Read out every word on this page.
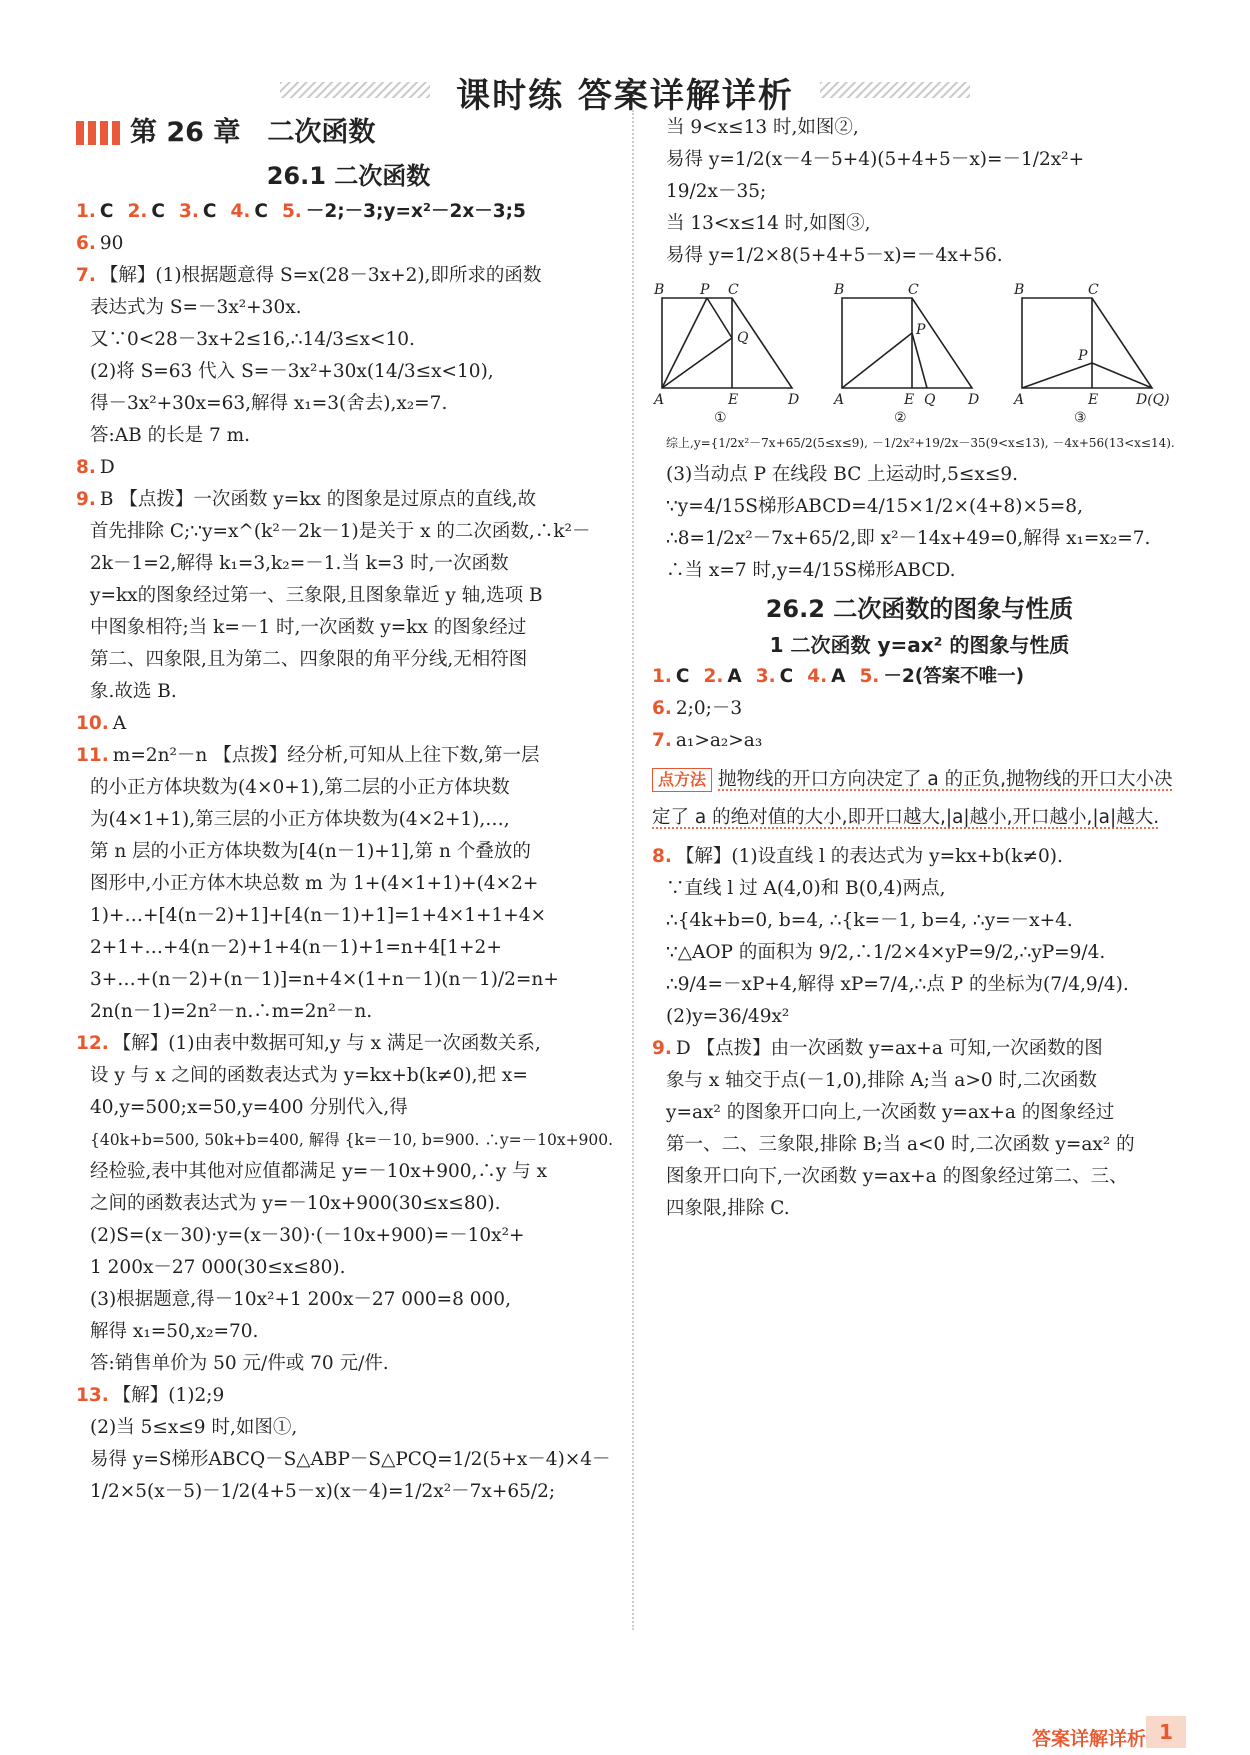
课时练 答案详解详析
第 26 章　二次函数
26.1 二次函数
1. C 2. C 3. C 4. C 5. －2;－3;y=x²－2x－3;5
6. 90
7. 【解】(1)根据题意得 S=x(28－3x+2),即所求的函数
表达式为 S=－3x²+30x.
又∵0<28－3x+2≤16,∴14/3≤x<10.
(2)将 S=63 代入 S=－3x²+30x(14/3≤x<10),
得－3x²+30x=63,解得 x₁=3(舍去),x₂=7.
答:AB 的长是 7 m.
8. D
9. B 【点拨】一次函数 y=kx 的图象是过原点的直线,故
首先排除 C;∵y=x^(k²－2k－1)是关于 x 的二次函数,∴k²－
2k－1=2,解得 k₁=3,k₂=－1.当 k=3 时,一次函数
y=kx的图象经过第一、三象限,且图象靠近 y 轴,选项 B
中图象相符;当 k=－1 时,一次函数 y=kx 的图象经过
第二、四象限,且为第二、四象限的角平分线,无相符图
象.故选 B.
10. A
11. m=2n²－n 【点拨】经分析,可知从上往下数,第一层
的小正方体块数为(4×0+1),第二层的小正方体块数
为(4×1+1),第三层的小正方体块数为(4×2+1),…,
第 n 层的小正方体块数为[4(n－1)+1],第 n 个叠放的
图形中,小正方体木块总数 m 为 1+(4×1+1)+(4×2+
1)+…+[4(n－2)+1]+[4(n－1)+1]=1+4×1+1+4×
2+1+…+4(n－2)+1+4(n－1)+1=n+4[1+2+
3+…+(n－2)+(n－1)]=n+4×(1+n－1)(n－1)/2=n+
2n(n－1)=2n²－n.∴m=2n²－n.
12. 【解】(1)由表中数据可知,y 与 x 满足一次函数关系,
设 y 与 x 之间的函数表达式为 y=kx+b(k≠0),把 x=
40,y=500;x=50,y=400 分别代入,得
{40k+b=500, 50k+b=400, 解得 {k=－10, b=900. ∴y=－10x+900.
经检验,表中其他对应值都满足 y=－10x+900,∴y 与 x
之间的函数表达式为 y=－10x+900(30≤x≤80).
(2)S=(x－30)·y=(x－30)·(－10x+900)=－10x²+
1 200x－27 000(30≤x≤80).
(3)根据题意,得－10x²+1 200x－27 000=8 000,
解得 x₁=50,x₂=70.
答:销售单价为 50 元/件或 70 元/件.
13. 【解】(1)2;9
(2)当 5≤x≤9 时,如图①,
易得 y=S梯形ABCQ－S△ABP－S△PCQ=1/2(5+x－4)×4－
1/2×5(x－5)－1/2(4+5－x)(x－4)=1/2x²－7x+65/2;
当 9<x≤13 时,如图②,
易得 y=1/2(x－4－5+4)(5+4+5－x)=－1/2x²+
19/2x－35;
当 13<x≤14 时,如图③,
易得 y=1/2×8(5+4+5－x)=－4x+56.
B	P C
Q
A	E	D
①
B	C
P
A	E Q D
②
B	C
P
A	E	D(Q)
③
综上,y={1/2x²－7x+65/2(5≤x≤9), －1/2x²+19/2x－35(9<x≤13), －4x+56(13<x≤14).
(3)当动点 P 在线段 BC 上运动时,5≤x≤9.
∵y=4/15S梯形ABCD=4/15×1/2×(4+8)×5=8,
∴8=1/2x²－7x+65/2,即 x²－14x+49=0,解得 x₁=x₂=7.
∴当 x=7 时,y=4/15S梯形ABCD.
26.2 二次函数的图象与性质
1 二次函数 y=ax² 的图象与性质
1. C 2. A 3. C 4. A 5. －2(答案不唯一)
6. 2;0;－3
7. a₁>a₂>a₃
点方法 抛物线的开口方向决定了 a 的正负,抛物线的开口大小决定了 a 的绝对值的大小,即开口越大,|a|越小,开口越小,|a|越大.
8. 【解】(1)设直线 l 的表达式为 y=kx+b(k≠0).
∵直线 l 过 A(4,0)和 B(0,4)两点,
∴{4k+b=0, b=4, ∴{k=－1, b=4, ∴y=－x+4.
∵△AOP 的面积为 9/2,∴1/2×4×yP=9/2,∴yP=9/4.
∴9/4=－xP+4,解得 xP=7/4,∴点 P 的坐标为(7/4,9/4).
(2)y=36/49x²
9. D 【点拨】由一次函数 y=ax+a 可知,一次函数的图
象与 x 轴交于点(－1,0),排除 A;当 a>0 时,二次函数
y=ax² 的图象开口向上,一次函数 y=ax+a 的图象经过
第一、二、三象限,排除 B;当 a<0 时,二次函数 y=ax² 的
图象开口向下,一次函数 y=ax+a 的图象经过第二、三、
四象限,排除 C.
答案详解详析 1
